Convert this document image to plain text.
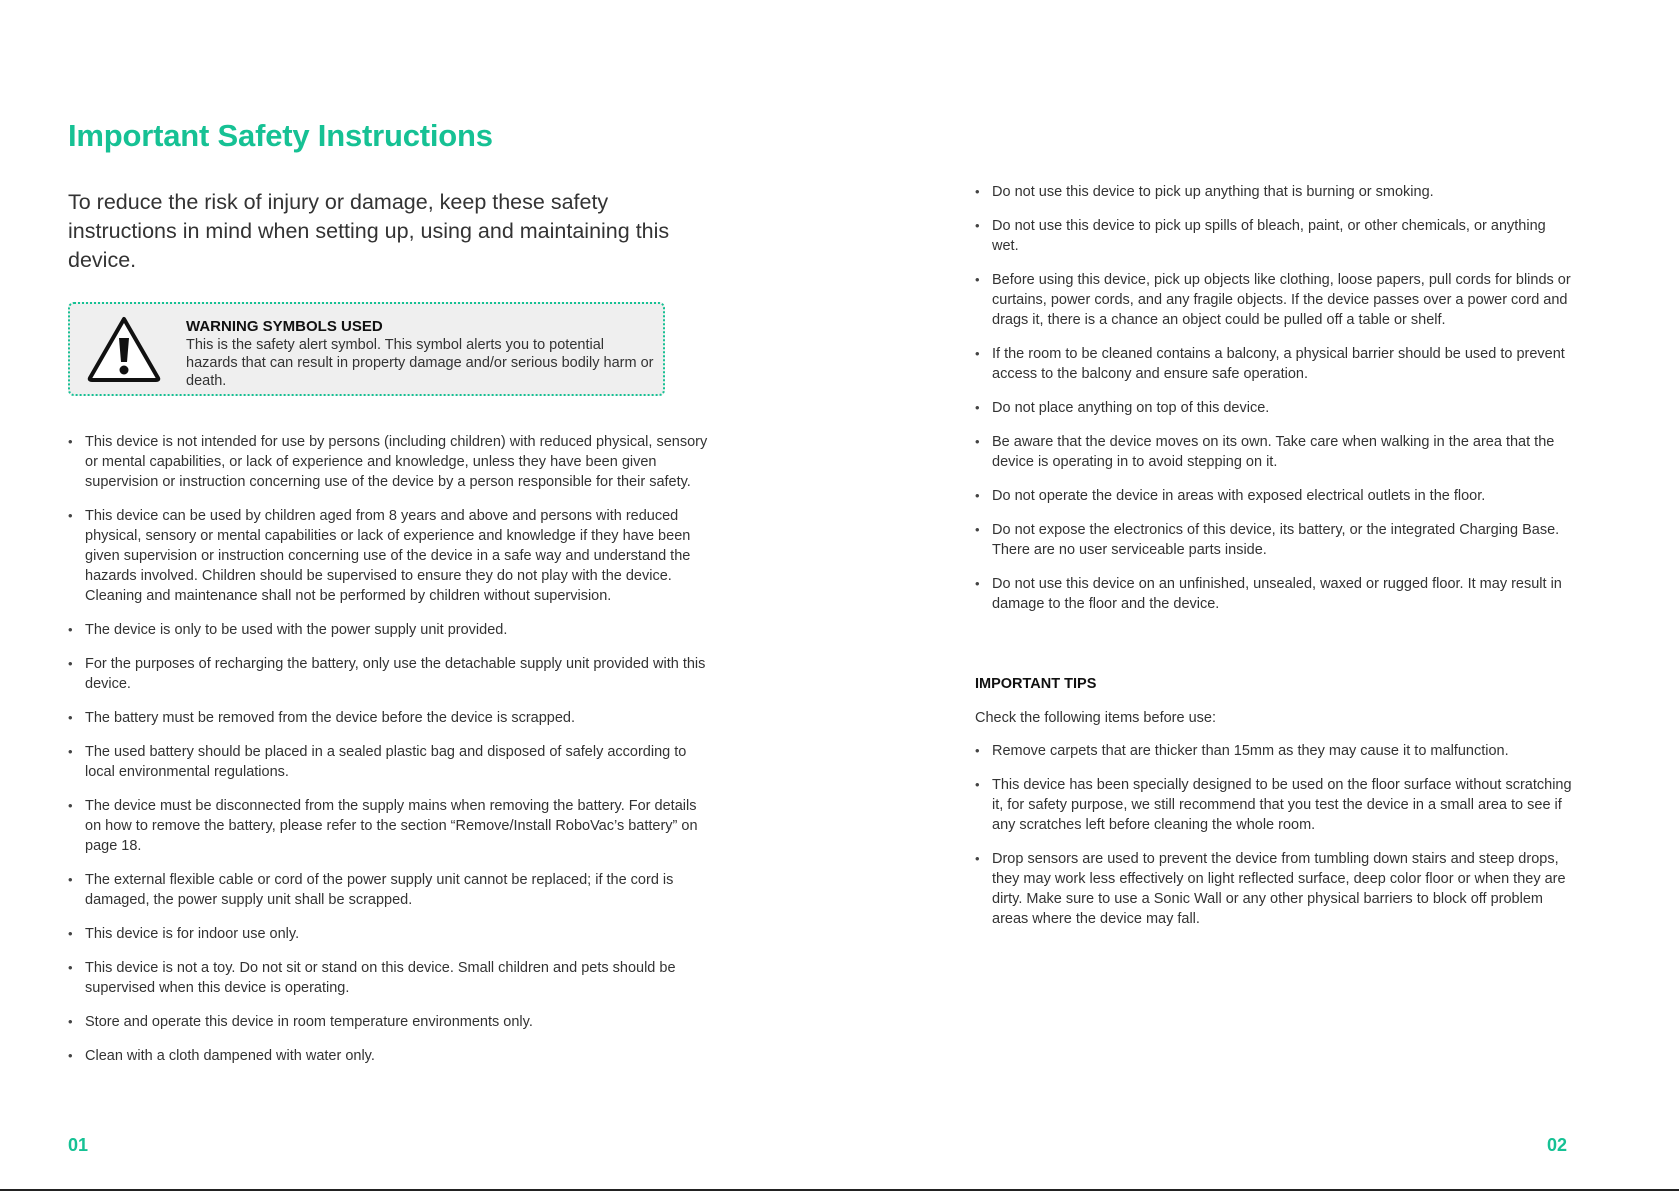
Important Safety Instructions

To reduce the risk of injury or damage, keep these safety instructions in mind when setting up, using and maintaining this device.

WARNING SYMBOLS USED
This is the safety alert symbol. This symbol alerts you to potential hazards that can result in property damage and/or serious bodily harm or death.
• This device is not intended for use by persons (including children) with reduced physical, sensory or mental capabilities, or lack of experience and knowledge, unless they have been given supervision or instruction concerning use of the device by a person responsible for their safety.
• This device can be used by children aged from 8 years and above and persons with reduced physical, sensory or mental capabilities or lack of experience and knowledge if they have been given supervision or instruction concerning use of the device in a safe way and understand the hazards involved. Children should be supervised to ensure they do not play with the device. Cleaning and maintenance shall not be performed by children without supervision.
• The device is only to be used with the power supply unit provided.
• For the purposes of recharging the battery, only use the detachable supply unit provided with this device.
• The battery must be removed from the device before the device is scrapped.
• The used battery should be placed in a sealed plastic bag and disposed of safely according to local environmental regulations.
• The device must be disconnected from the supply mains when removing the battery. For details on how to remove the battery, please refer to the section “Remove/Install RoboVac’s battery” on page 18.
• The external flexible cable or cord of the power supply unit cannot be replaced; if the cord is damaged, the power supply unit shall be scrapped.
• This device is for indoor use only.
• This device is not a toy. Do not sit or stand on this device. Small children and pets should be supervised when this device is operating.
• Store and operate this device in room temperature environments only.
• Clean with a cloth dampened with water only.
01
• Do not use this device to pick up anything that is burning or smoking.
• Do not use this device to pick up spills of bleach, paint, or other chemicals, or anything wet.
• Before using this device, pick up objects like clothing, loose papers, pull cords for blinds or curtains, power cords, and any fragile objects. If the device passes over a power cord and drags it, there is a chance an object could be pulled off a table or shelf.
• If the room to be cleaned contains a balcony, a physical barrier should be used to prevent access to the balcony and ensure safe operation.
• Do not place anything on top of this device.
• Be aware that the device moves on its own. Take care when walking in the area that the device is operating in to avoid stepping on it.
• Do not operate the device in areas with exposed electrical outlets in the floor.
• Do not expose the electronics of this device, its battery, or the integrated Charging Base. There are no user serviceable parts inside.
• Do not use this device on an unfinished, unsealed, waxed or rugged floor. It may result in damage to the floor and the device.
IMPORTANT TIPS

Check the following items before use:

• Remove carpets that are thicker than 15mm as they may cause it to malfunction.
• This device has been specially designed to be used on the floor surface without scratching it, for safety purpose, we still recommend that you test the device in a small area to see if any scratches left before cleaning the whole room.
• Drop sensors are used to prevent the device from tumbling down stairs and steep drops, they may work less effectively on light reflected surface, deep color floor or when they are dirty. Make sure to use a Sonic Wall or any other physical barriers to block off problem areas where the device may fall.
02
